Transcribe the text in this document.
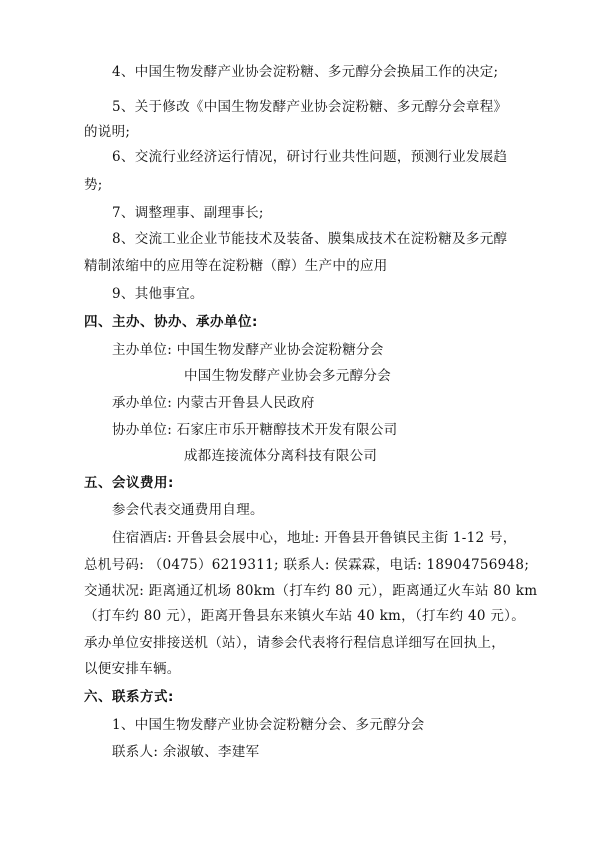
4、中国生物发酵产业协会淀粉糖、多元醇分会换届工作的决定;
5、关于修改《中国生物发酵产业协会淀粉糖、多元醇分会章程》
的说明;
6、交流行业经济运行情况，研讨行业共性问题，预测行业发展趋
势;
7、调整理事、副理事长;
8、交流工业企业节能技术及装备、膜集成技术在淀粉糖及多元醇
精制浓缩中的应用等在淀粉糖（醇）生产中的应用
9、其他事宜。
四、主办、协办、承办单位:
主办单位: 中国生物发酵产业协会淀粉糖分会
中国生物发酵产业协会多元醇分会
承办单位: 内蒙古开鲁县人民政府
协办单位: 石家庄市乐开糖醇技术开发有限公司
成都连接流体分离科技有限公司
五、会议费用:
参会代表交通费用自理。
住宿酒店: 开鲁县会展中心，地址: 开鲁县开鲁镇民主街 1-12 号，
总机号码: （0475）6219311; 联系人: 侯霖霖，电话: 18904756948;
交通状况: 距离通辽机场 80km（打车约 80 元），距离通辽火车站 80 km
（打车约 80 元），距离开鲁县东来镇火车站 40 km，（打车约 40 元）。
承办单位安排接送机（站），请参会代表将行程信息详细写在回执上，
以便安排车辆。
六、联系方式:
1、中国生物发酵产业协会淀粉糖分会、多元醇分会
联系人: 余淑敏、李建军
